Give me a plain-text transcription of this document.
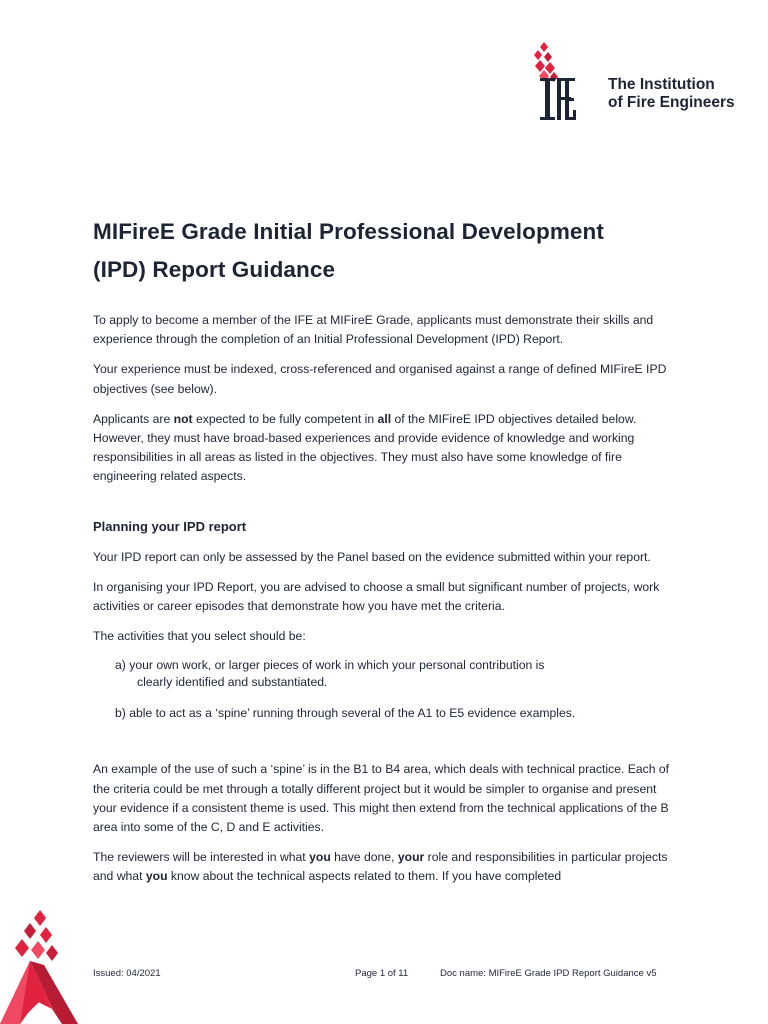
The Institution
of Fire Engineers
MIFireE Grade Initial Professional Development
(IPD) Report Guidance

To apply to become a member of the IFE at MIFireE Grade, applicants must demonstrate their skills and experience through the completion of an Initial Professional Development (IPD) Report.

Your experience must be indexed, cross-referenced and organised against a range of defined MIFireE IPD objectives (see below).

Applicants are not expected to be fully competent in all of the MIFireE IPD objectives detailed below. However, they must have broad-based experiences and provide evidence of knowledge and working responsibilities in all areas as listed in the objectives. They must also have some knowledge of fire engineering related aspects.

Planning your IPD report

Your IPD report can only be assessed by the Panel based on the evidence submitted within your report.

In organising your IPD Report, you are advised to choose a small but significant number of projects, work activities or career episodes that demonstrate how you have met the criteria.

The activities that you select should be:

a) your own work, or larger pieces of work in which your personal contribution is
clearly identified and substantiated.
b) able to act as a ‘spine’ running through several of the A1 to E5 evidence examples.

An example of the use of such a ‘spine’ is in the B1 to B4 area, which deals with technical practice. Each of the criteria could be met through a totally different project but it would be simpler to organise and present your evidence if a consistent theme is used. This might then extend from the technical applications of the B area into some of the C, D and E activities.

The reviewers will be interested in what you have done, your role and responsibilities in particular projects and what you know about the technical aspects related to them. If you have completed

Issued: 04/2021	Page 1 of 11	Doc name: MIFireE Grade IPD Report Guidance v5
